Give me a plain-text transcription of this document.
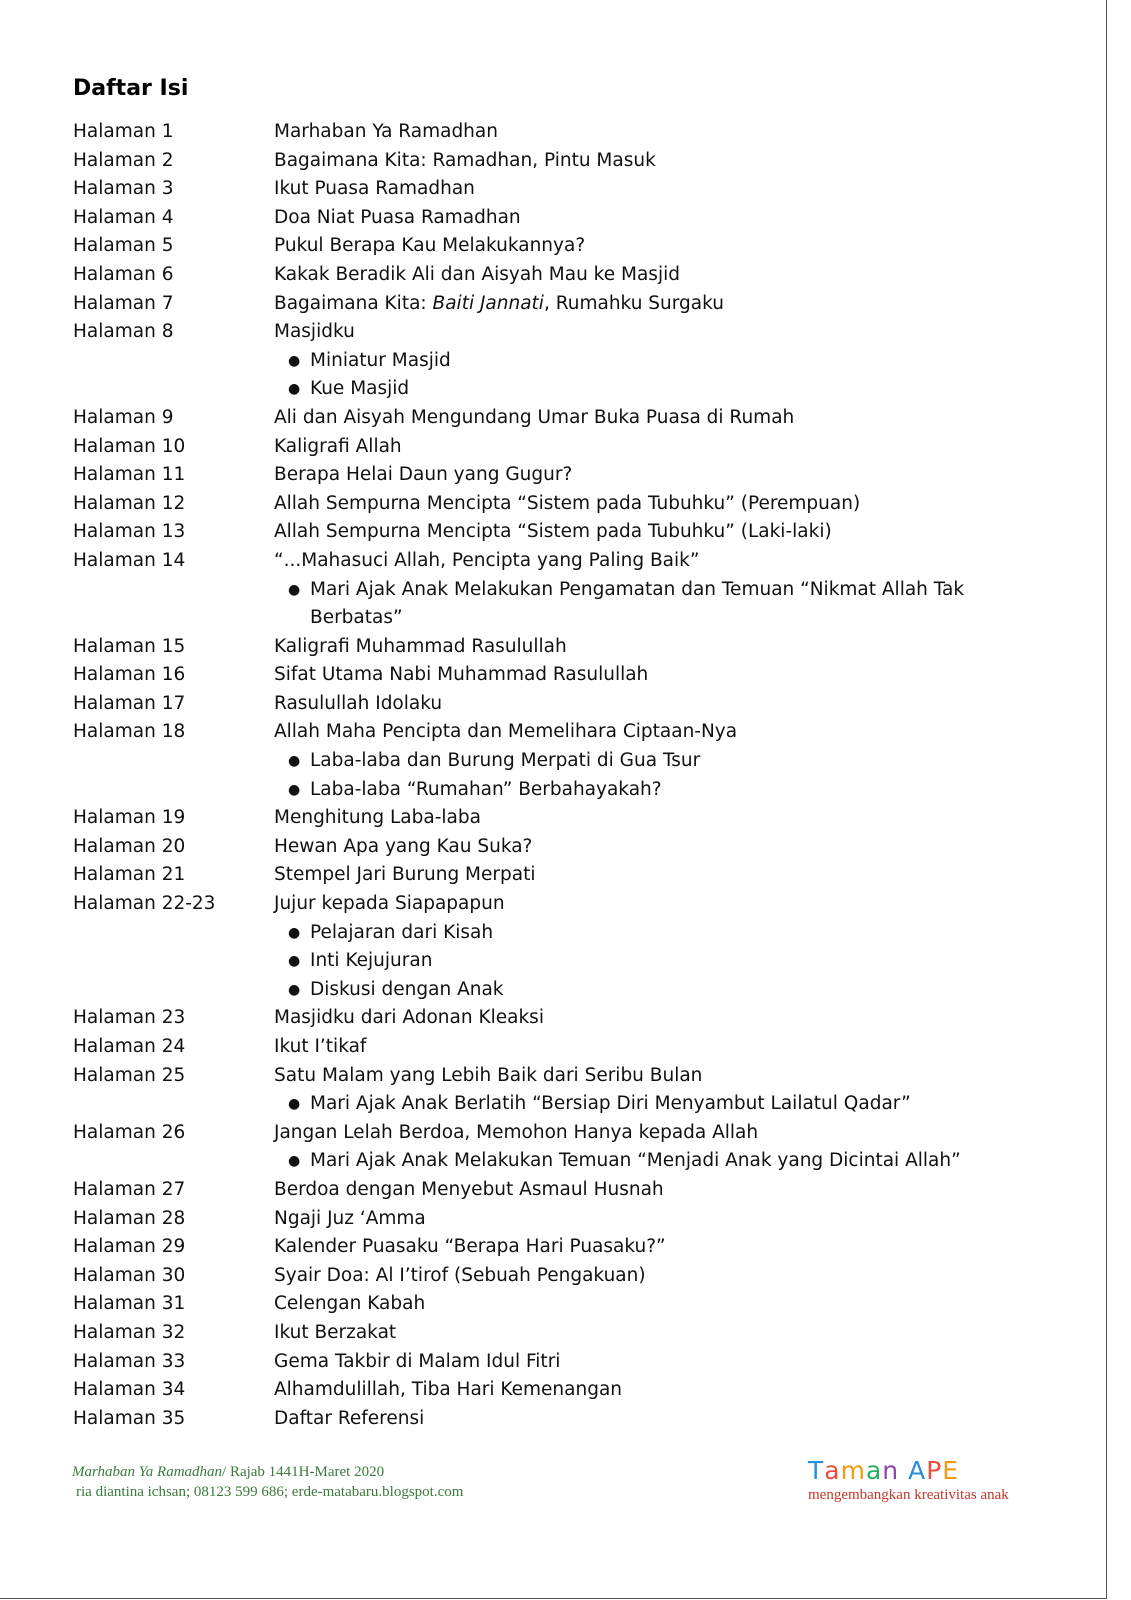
Daftar Isi
Halaman 1	Marhaban Ya Ramadhan
Halaman 2	Bagaimana Kita: Ramadhan, Pintu Masuk
Halaman 3	Ikut Puasa Ramadhan
Halaman 4	Doa Niat Puasa Ramadhan
Halaman 5	Pukul Berapa Kau Melakukannya?
Halaman 6	Kakak Beradik Ali dan Aisyah Mau ke Masjid
Halaman 7	Bagaimana Kita: Baiti Jannati, Rumahku Surgaku
Halaman 8	Masjidku
● Miniatur Masjid
● Kue Masjid
Halaman 9	Ali dan Aisyah Mengundang Umar Buka Puasa di Rumah
Halaman 10	Kaligrafi Allah
Halaman 11	Berapa Helai Daun yang Gugur?
Halaman 12	Allah Sempurna Mencipta “Sistem pada Tubuhku” (Perempuan)
Halaman 13	Allah Sempurna Mencipta “Sistem pada Tubuhku” (Laki-laki)
Halaman 14	“...Mahasuci Allah, Pencipta yang Paling Baik”
● Mari Ajak Anak Melakukan Pengamatan dan Temuan “Nikmat Allah Tak Berbatas”
Halaman 15	Kaligrafi Muhammad Rasulullah
Halaman 16	Sifat Utama Nabi Muhammad Rasulullah
Halaman 17	Rasulullah Idolaku
Halaman 18	Allah Maha Pencipta dan Memelihara Ciptaan-Nya
● Laba-laba dan Burung Merpati di Gua Tsur
● Laba-laba “Rumahan” Berbahayakah?
Halaman 19	Menghitung Laba-laba
Halaman 20	Hewan Apa yang Kau Suka?
Halaman 21	Stempel Jari Burung Merpati
Halaman 22-23	Jujur kepada Siapapapun
● Pelajaran dari Kisah
● Inti Kejujuran
● Diskusi dengan Anak
Halaman 23	Masjidku dari Adonan Kleaksi
Halaman 24	Ikut I’tikaf
Halaman 25	Satu Malam yang Lebih Baik dari Seribu Bulan
● Mari Ajak Anak Berlatih “Bersiap Diri Menyambut Lailatul Qadar”
Halaman 26	Jangan Lelah Berdoa, Memohon Hanya kepada Allah
● Mari Ajak Anak Melakukan Temuan “Menjadi Anak yang Dicintai Allah”
Halaman 27	Berdoa dengan Menyebut Asmaul Husnah
Halaman 28	Ngaji Juz ‘Amma
Halaman 29	Kalender Puasaku “Berapa Hari Puasaku?”
Halaman 30	Syair Doa: Al I’tirof (Sebuah Pengakuan)
Halaman 31	Celengan Kabah
Halaman 32	Ikut Berzakat
Halaman 33	Gema Takbir di Malam Idul Fitri
Halaman 34	Alhamdulillah, Tiba Hari Kemenangan
Halaman 35	Daftar Referensi
Marhaban Ya Ramadhan/ Rajab 1441H-Maret 2020
ria diantina ichsan; 08123 599 686; erde-matabaru.blogspot.com
Taman APE
mengembangkan kreativitas anak
